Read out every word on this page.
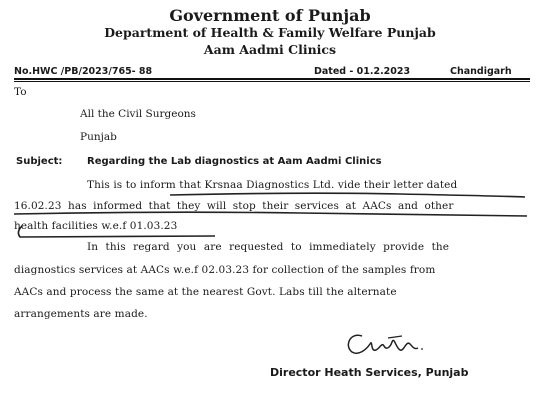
Government of Punjab
Department of Health & Family Welfare Punjab
Aam Aadmi Clinics
No.HWC /PB/2023/765- 88	Dated - 01.2.2023	Chandigarh
To
All the Civil Surgeons
Punjab
Subject: Regarding the Lab diagnostics at Aam Aadmi Clinics
This is to inform that Krsnaa Diagnostics Ltd. vide their letter dated
16.02.23 has informed that they will stop their services at AACs and other
health facilities w.e.f 01.03.23
In this regard you are requested to immediately provide the
diagnostics services at AACs w.e.f 02.03.23 for collection of the samples from
AACs and process the same at the nearest Govt. Labs till the alternate
arrangements are made.
Director Heath Services, Punjab
